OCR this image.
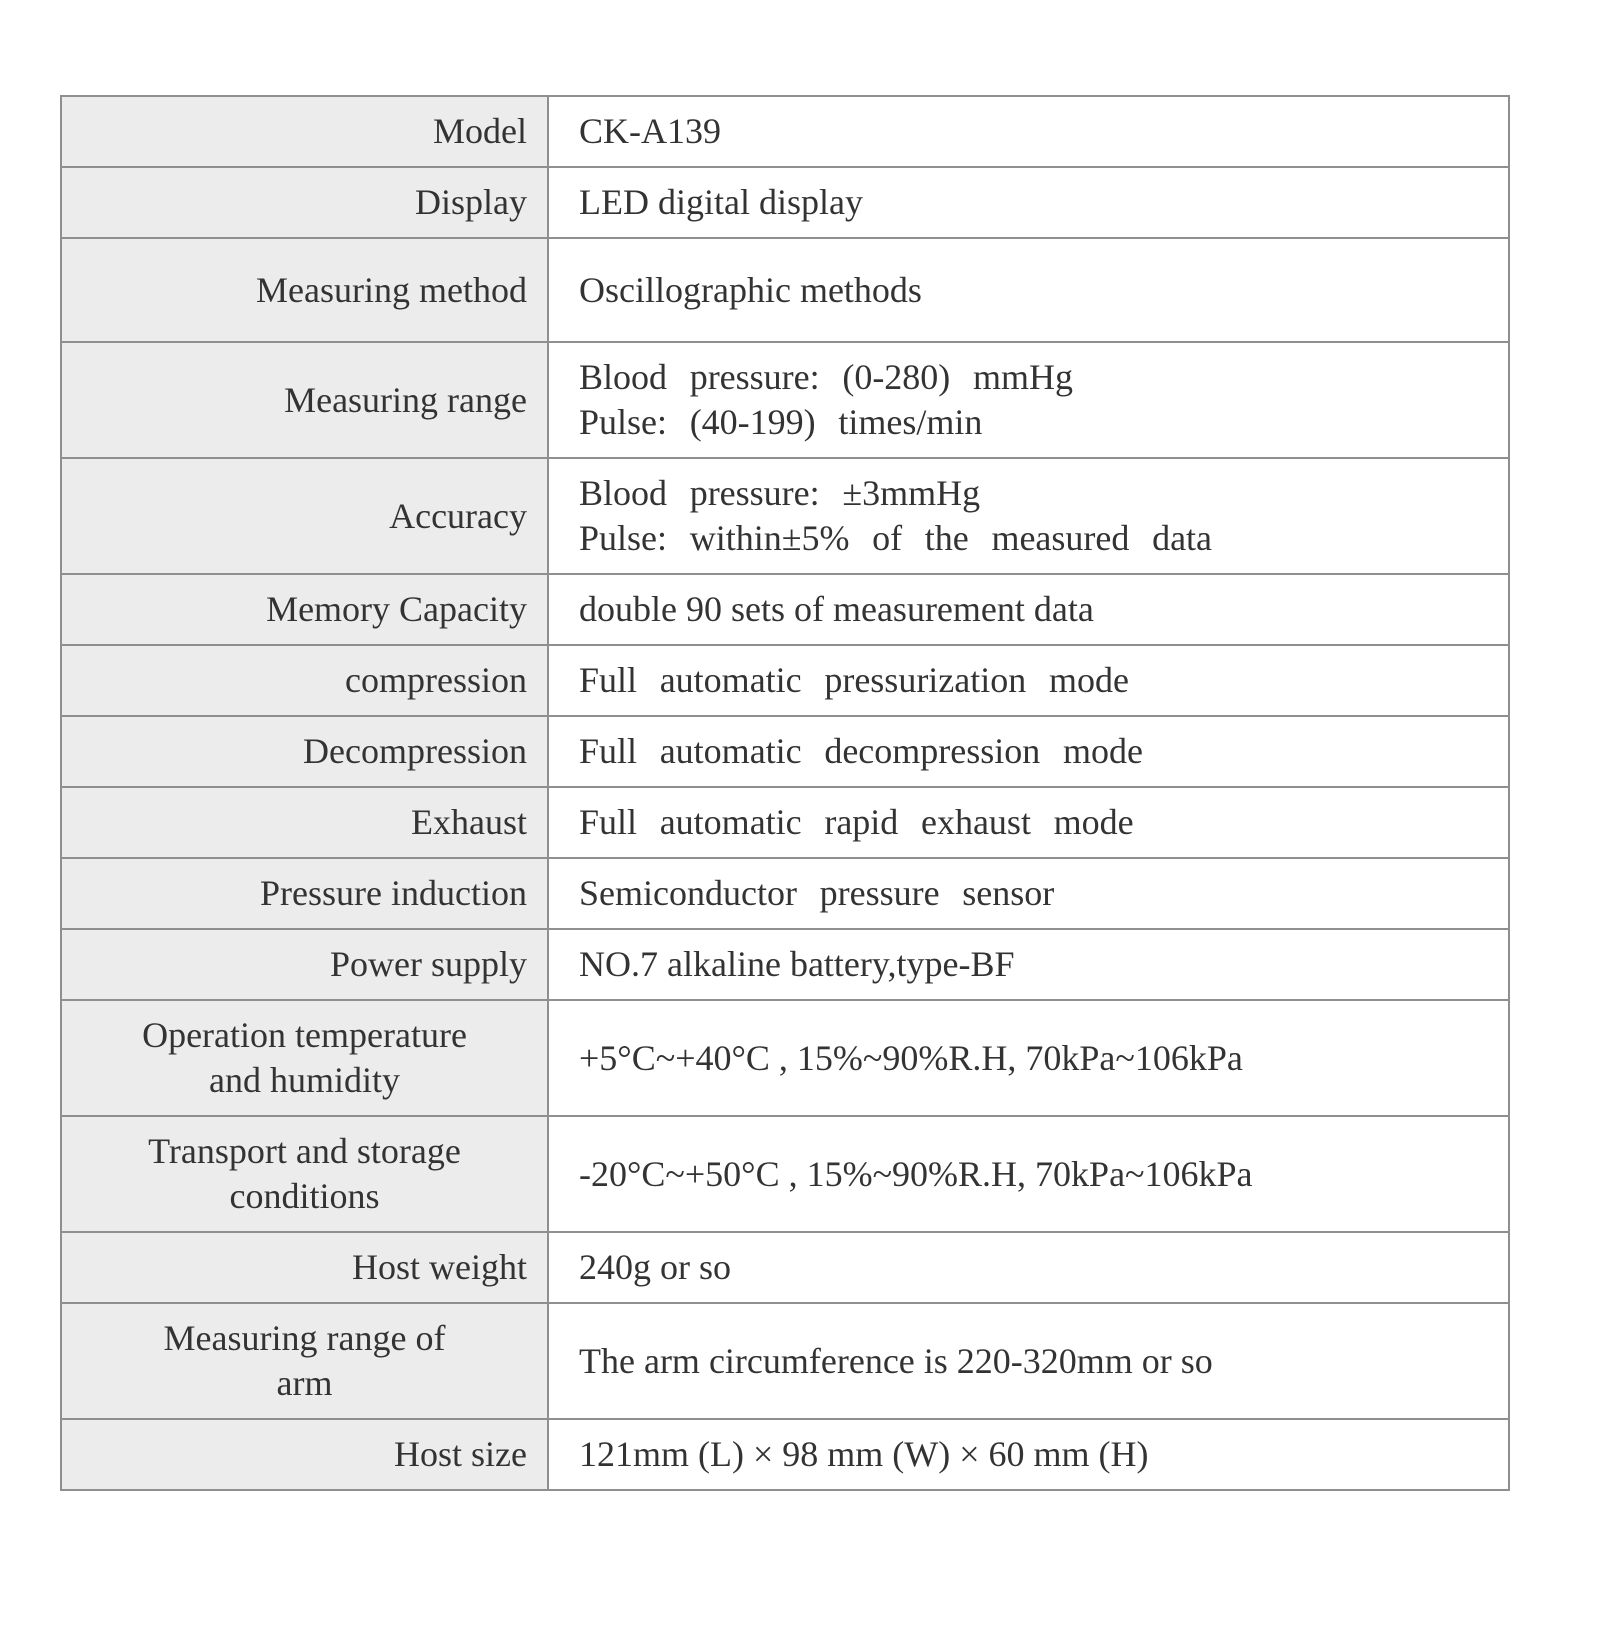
Model	CK-A139
Display	LED digital display
Measuring method	Oscillographic methods
Measuring range	Blood pressure: (0-280) mmHg
Pulse: (40-199) times/min
Accuracy	Blood pressure: ±3mmHg
Pulse: within±5% of the measured data
Memory Capacity	double 90 sets of measurement data
compression	Full automatic pressurization mode
Decompression	Full automatic decompression mode
Exhaust	Full automatic rapid exhaust mode
Pressure induction	Semiconductor pressure sensor
Power supply	NO.7 alkaline battery,type-BF
Operation temperature
and humidity	+5°C~+40°C , 15%~90%R.H, 70kPa~106kPa
Transport and storage
conditions	-20°C~+50°C , 15%~90%R.H, 70kPa~106kPa
Host weight	240g or so
Measuring range of
arm	The arm circumference is 220-320mm or so
Host size	121mm (L) × 98 mm (W) × 60 mm (H)
